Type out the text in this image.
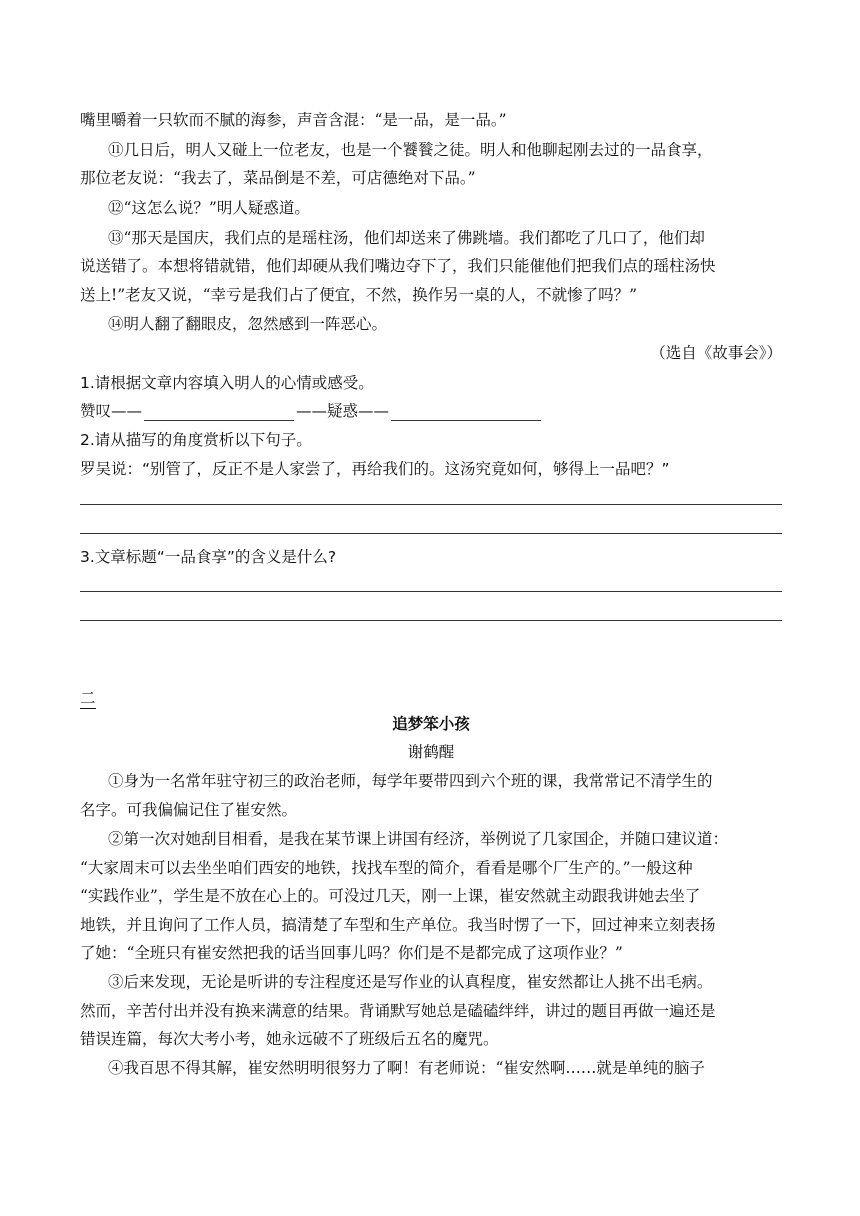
嘴里嚼着一只软而不腻的海参，声音含混：“是一品，是一品。”
⑪几日后，明人又碰上一位老友，也是一个饕餮之徒。明人和他聊起刚去过的一品食享，
那位老友说：“我去了，菜品倒是不差，可店德绝对下品。”
⑫“这怎么说？”明人疑惑道。
⑬“那天是国庆，我们点的是瑶柱汤，他们却送来了佛跳墙。我们都吃了几口了，他们却
说送错了。本想将错就错，他们却硬从我们嘴边夺下了，我们只能催他们把我们点的瑶柱汤快
送上!”老友又说，“幸亏是我们占了便宜，不然，换作另一桌的人，不就惨了吗？”
⑭明人翻了翻眼皮，忽然感到一阵恶心。
（选自《故事会》）
1.请根据文章内容填入明人的心情或感受。
赞叹——	——疑惑——
2.请从描写的角度赏析以下句子。
罗吴说：“别管了，反正不是人家尝了，再给我们的。这汤究竟如何，够得上一品吧？”
3.文章标题“一品食享”的含义是什么?
二
追梦笨小孩
谢鹤醒
①身为一名常年驻守初三的政治老师，每学年要带四到六个班的课，我常常记不清学生的
名字。可我偏偏记住了崔安然。
②第一次对她刮目相看，是我在某节课上讲国有经济，举例说了几家国企，并随口建议道：
“大家周末可以去坐坐咱们西安的地铁，找找车型的简介，看看是哪个厂生产的。”一般这种
“实践作业”，学生是不放在心上的。可没过几天，刚一上课，崔安然就主动跟我讲她去坐了
地铁，并且询问了工作人员，搞清楚了车型和生产单位。我当时愣了一下，回过神来立刻表扬
了她：“全班只有崔安然把我的话当回事儿吗？你们是不是都完成了这项作业？”
③后来发现，无论是听讲的专注程度还是写作业的认真程度，崔安然都让人挑不出毛病。
然而，辛苦付出并没有换来满意的结果。背诵默写她总是磕磕绊绊，讲过的题目再做一遍还是
错误连篇，每次大考小考，她永远破不了班级后五名的魔咒。
④我百思不得其解，崔安然明明很努力了啊！有老师说：“崔安然啊……就是单纯的脑子
